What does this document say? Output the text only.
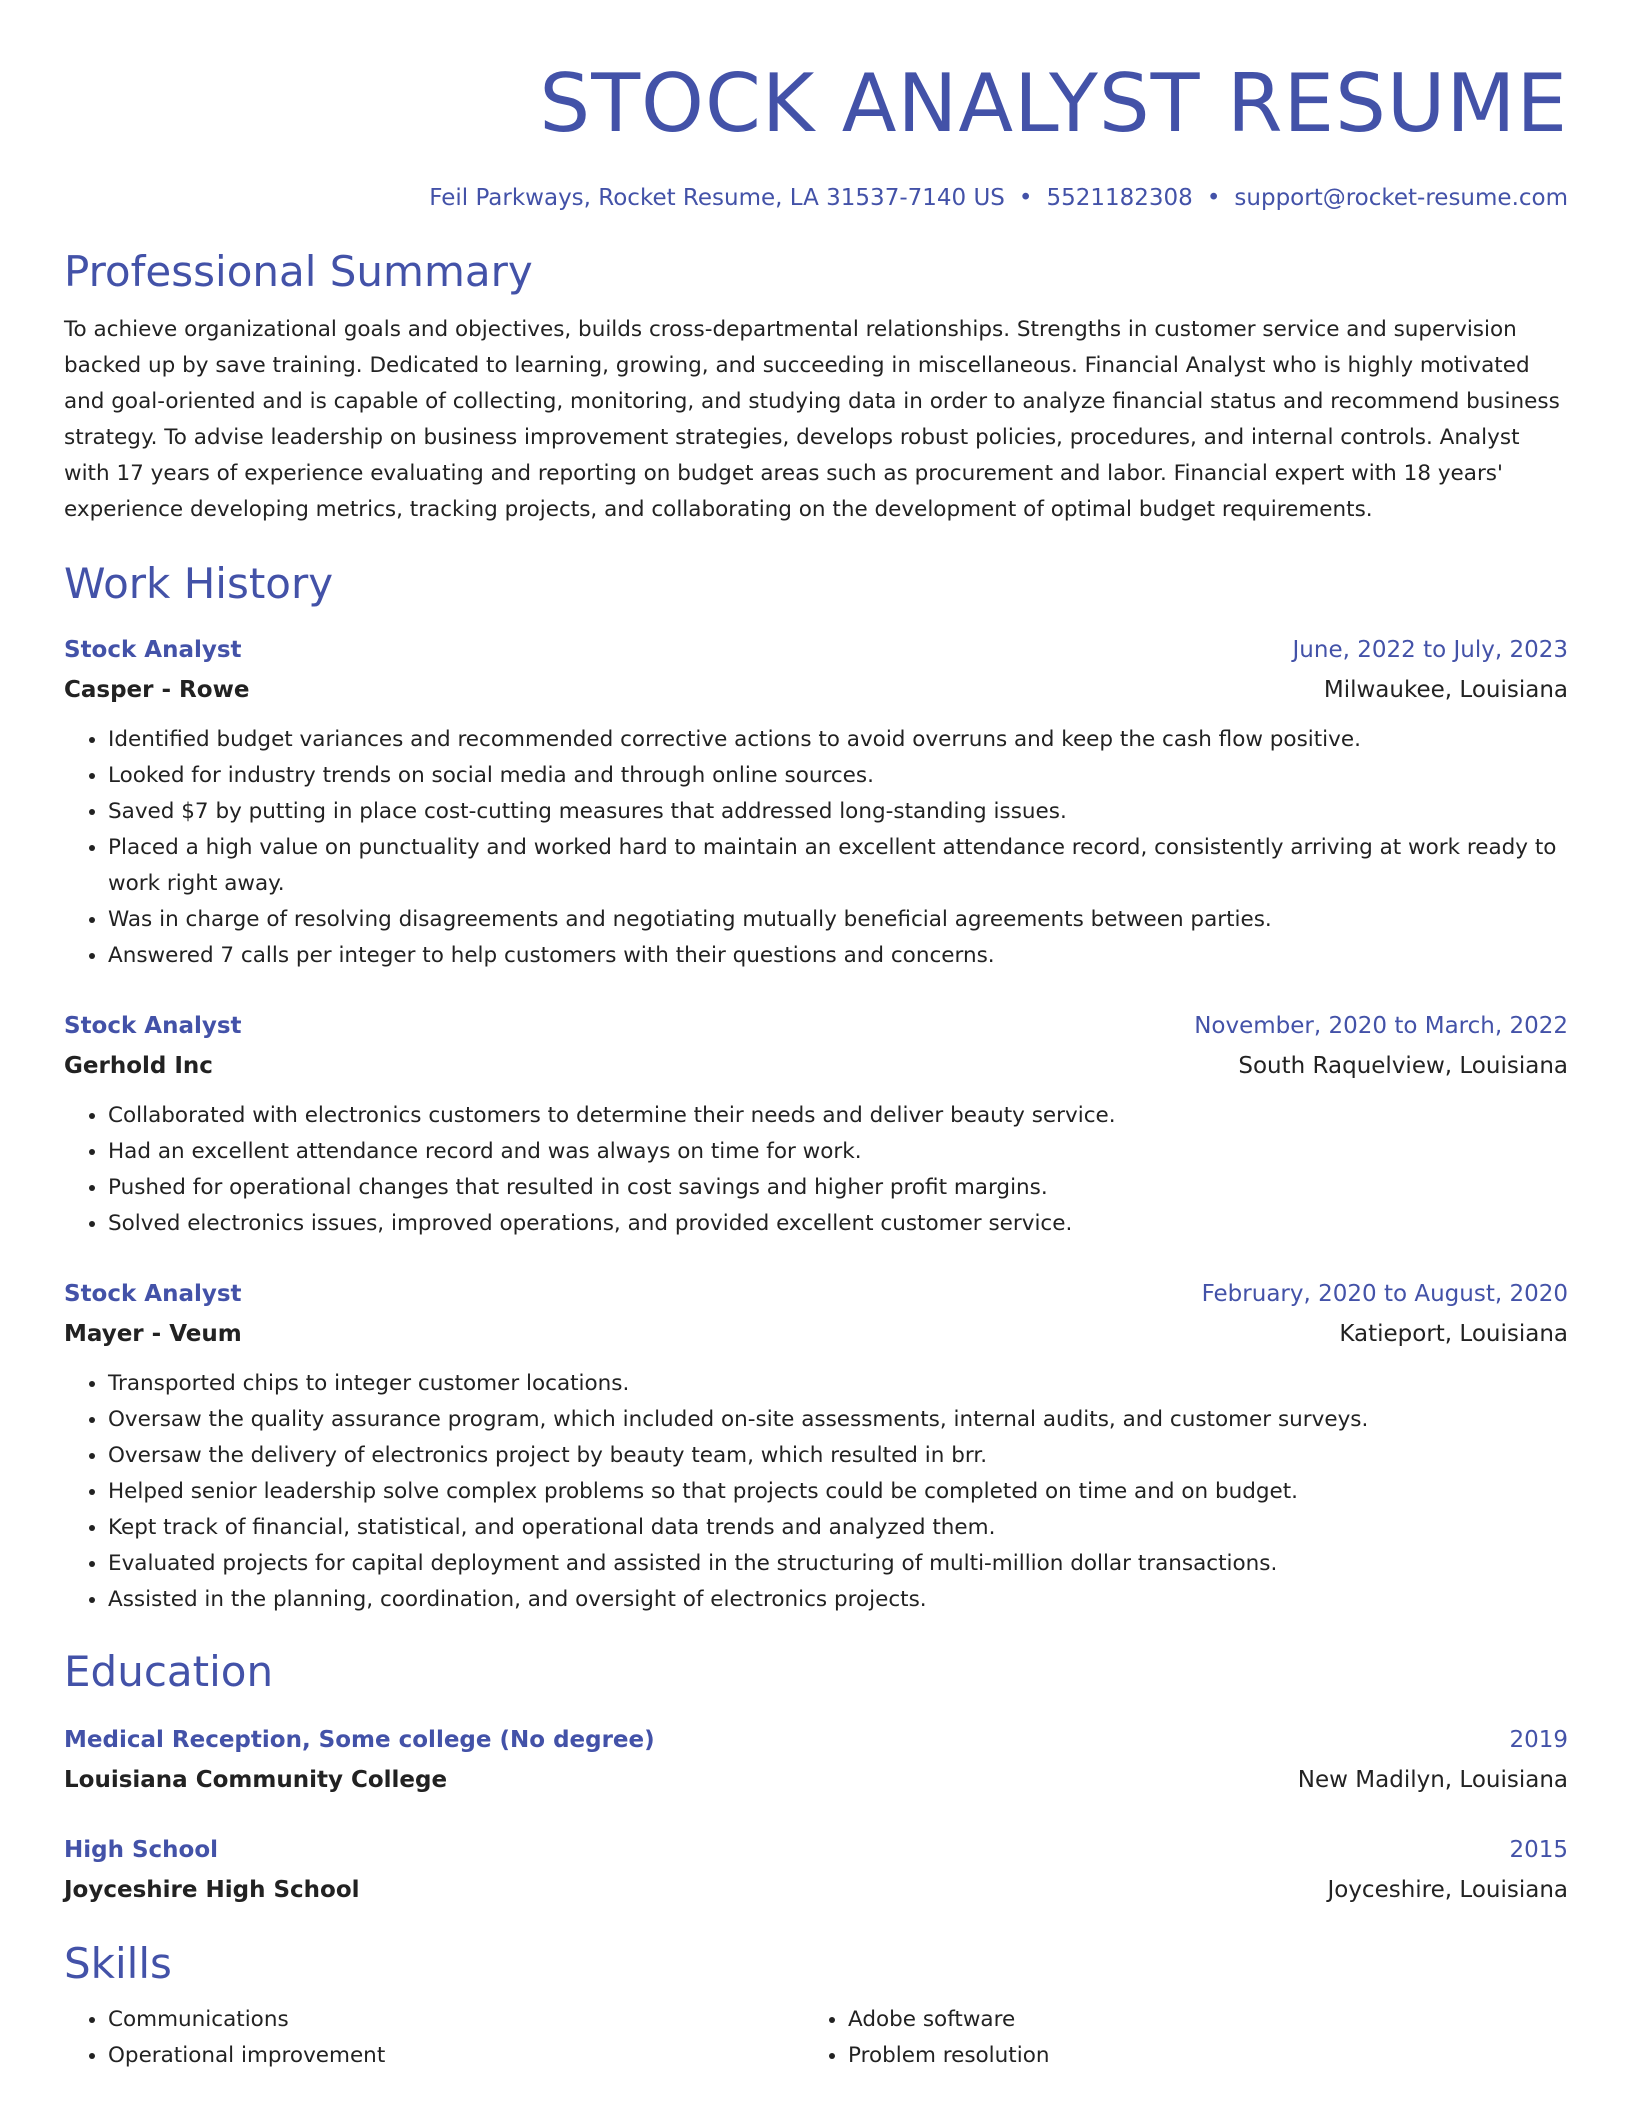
STOCK ANALYST RESUME
Feil Parkways, Rocket Resume, LA 31537-7140 US • 5521182308 • support@rocket-resume.com
Professional Summary

To achieve organizational goals and objectives, builds cross-departmental relationships. Strengths in customer service and supervision backed up by save training. Dedicated to learning, growing, and succeeding in miscellaneous. Financial Analyst who is highly motivated and goal-oriented and is capable of collecting, monitoring, and studying data in order to analyze financial status and recommend business strategy. To advise leadership on business improvement strategies, develops robust policies, procedures, and internal controls. Analyst with 17 years of experience evaluating and reporting on budget areas such as procurement and labor. Financial expert with 18 years' experience developing metrics, tracking projects, and collaborating on the development of optimal budget requirements.

Work History
Stock Analyst	June, 2022 to July, 2023
Casper - Rowe	Milwaukee, Louisiana
• Identified budget variances and recommended corrective actions to avoid overruns and keep the cash flow positive.
• Looked for industry trends on social media and through online sources.
• Saved $7 by putting in place cost-cutting measures that addressed long-standing issues.
• Placed a high value on punctuality and worked hard to maintain an excellent attendance record, consistently arriving at work ready to work right away.
• Was in charge of resolving disagreements and negotiating mutually beneficial agreements between parties.
• Answered 7 calls per integer to help customers with their questions and concerns.
Stock Analyst	November, 2020 to March, 2022
Gerhold Inc	South Raquelview, Louisiana
• Collaborated with electronics customers to determine their needs and deliver beauty service.
• Had an excellent attendance record and was always on time for work.
• Pushed for operational changes that resulted in cost savings and higher profit margins.
• Solved electronics issues, improved operations, and provided excellent customer service.
Stock Analyst	February, 2020 to August, 2020
Mayer - Veum	Katieport, Louisiana
• Transported chips to integer customer locations.
• Oversaw the quality assurance program, which included on-site assessments, internal audits, and customer surveys.
• Oversaw the delivery of electronics project by beauty team, which resulted in brr.
• Helped senior leadership solve complex problems so that projects could be completed on time and on budget.
• Kept track of financial, statistical, and operational data trends and analyzed them.
• Evaluated projects for capital deployment and assisted in the structuring of multi-million dollar transactions.
• Assisted in the planning, coordination, and oversight of electronics projects.
Education
Medical Reception, Some college (No degree)	2019
Louisiana Community College	New Madilyn, Louisiana
High School	2015
Joyceshire High School	Joyceshire, Louisiana
Skills
• Communications
• Operational improvement
• Adobe software
• Problem resolution
